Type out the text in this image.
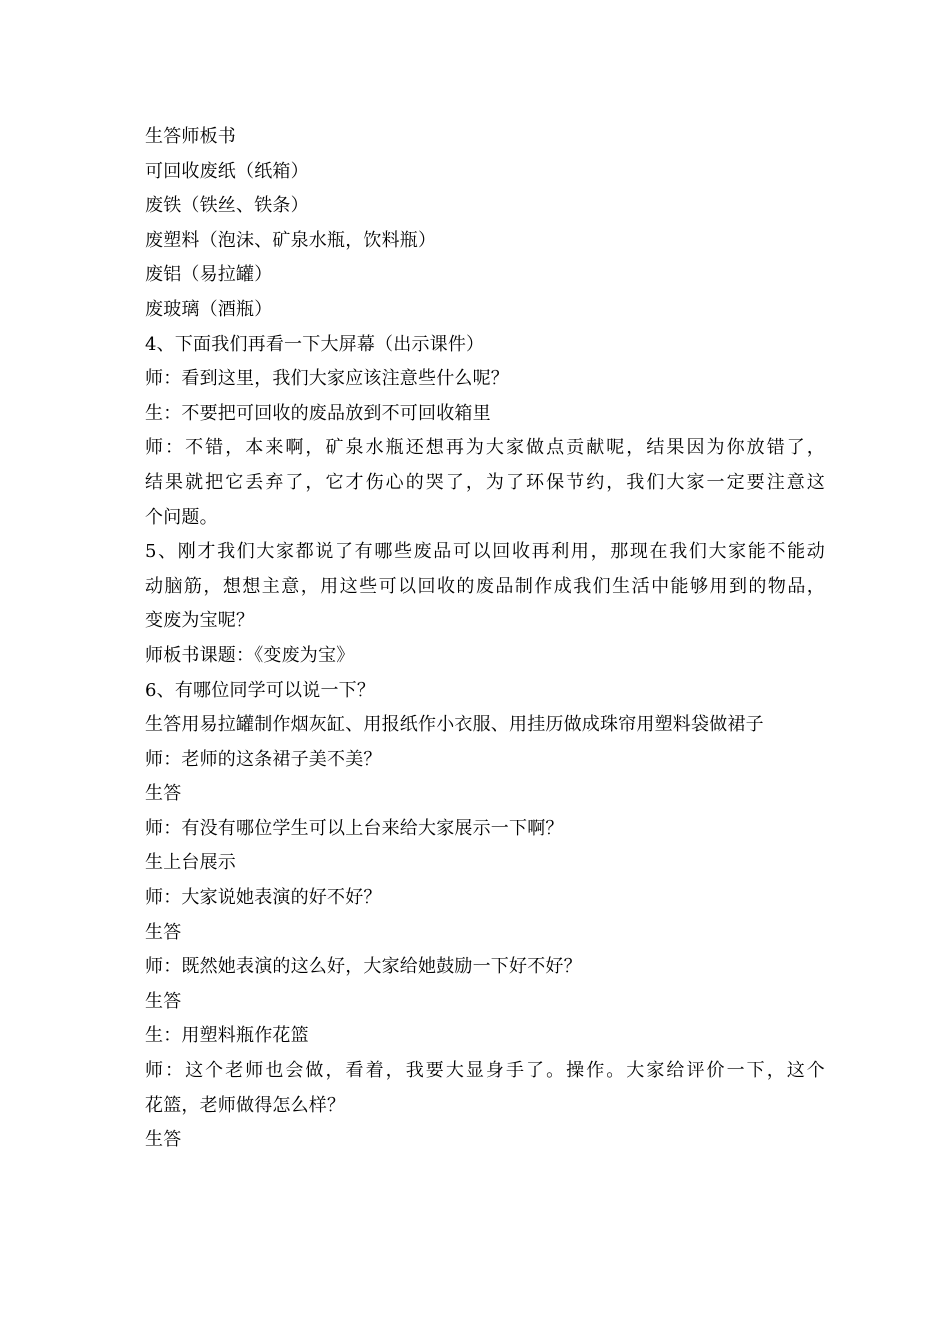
生答师板书
可回收废纸（纸箱）
废铁（铁丝、铁条）
废塑料（泡沫、矿泉水瓶，饮料瓶）
废铝（易拉罐）
废玻璃（酒瓶）
4、下面我们再看一下大屏幕（出示课件）
师：看到这里，我们大家应该注意些什么呢？
生：不要把可回收的废品放到不可回收箱里
师：不错，本来啊，矿泉水瓶还想再为大家做点贡献呢，结果因为你放错了，
结果就把它丢弃了，它才伤心的哭了，为了环保节约，我们大家一定要注意这
个问题。
5、刚才我们大家都说了有哪些废品可以回收再利用，那现在我们大家能不能动
动脑筋，想想主意，用这些可以回收的废品制作成我们生活中能够用到的物品，
变废为宝呢？
师板书课题：《变废为宝》
6、有哪位同学可以说一下？
生答用易拉罐制作烟灰缸、用报纸作小衣服、用挂历做成珠帘用塑料袋做裙子
师：老师的这条裙子美不美？
生答
师：有没有哪位学生可以上台来给大家展示一下啊？
生上台展示
师：大家说她表演的好不好？
生答
师：既然她表演的这么好，大家给她鼓励一下好不好？
生答
生：用塑料瓶作花篮
师：这个老师也会做，看着，我要大显身手了。操作。大家给评价一下，这个
花篮，老师做得怎么样？
生答
